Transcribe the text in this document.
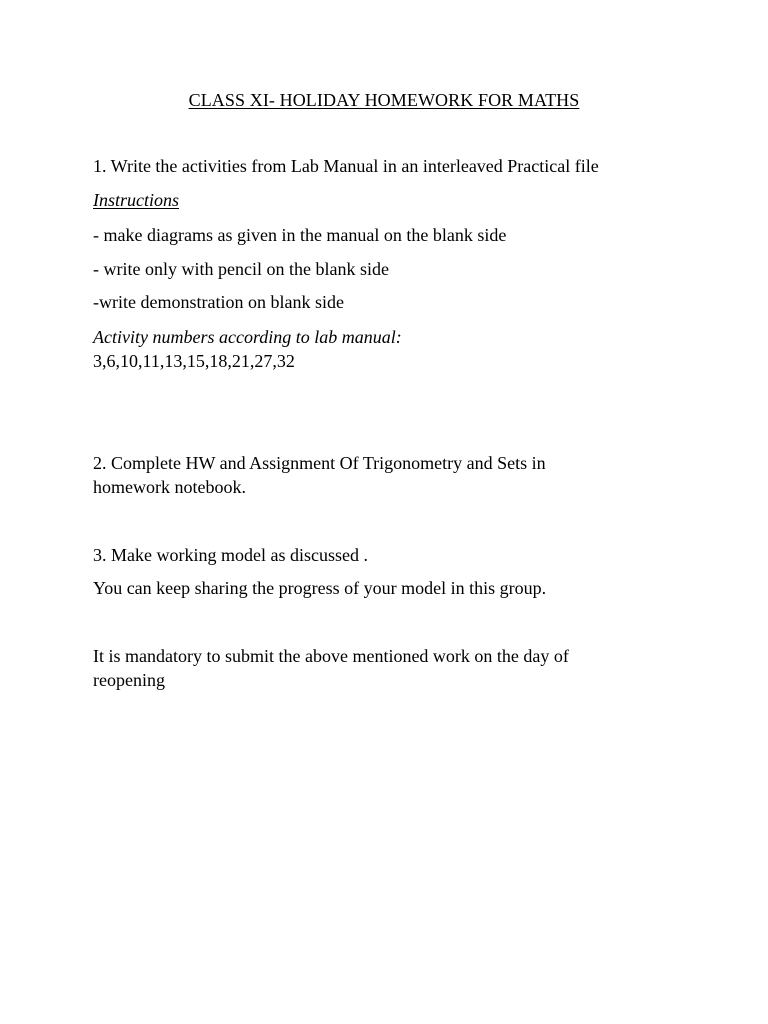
CLASS XI- HOLIDAY HOMEWORK FOR MATHS
1. Write the activities from Lab Manual in an interleaved Practical file
Instructions
- make diagrams as given in the manual on the blank side
- write only with pencil on the blank side
-write demonstration on blank side
Activity numbers according to lab manual:
3,6,10,11,13,15,18,21,27,32
2. Complete HW and Assignment Of Trigonometry and Sets in
homework notebook.
3. Make working model as discussed .
You can keep sharing the progress of your model in this group.
It is mandatory to submit the above mentioned work on the day of
reopening
